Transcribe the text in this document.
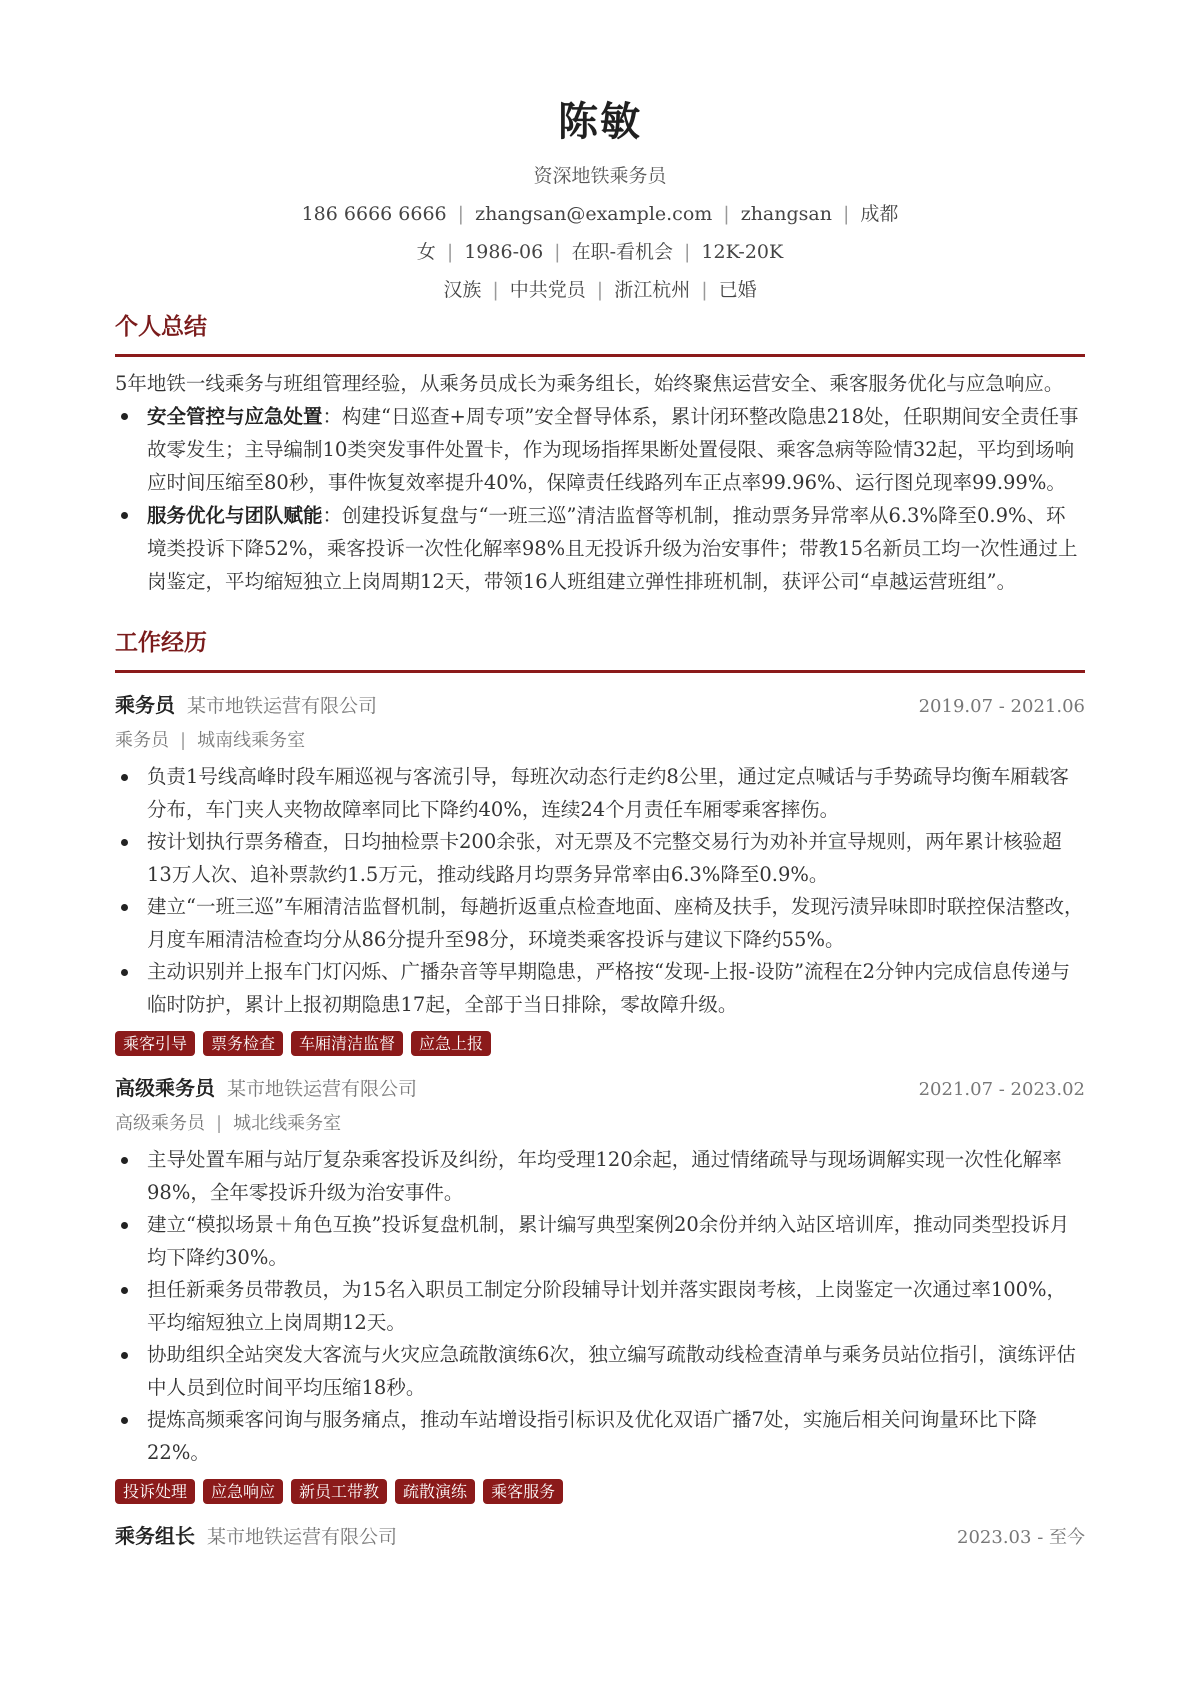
陈敏
资深地铁乘务员
186 6666 6666 | zhangsan@example.com | zhangsan | 成都
女 | 1986-06 | 在职-看机会 | 12K-20K
汉族 | 中共党员 | 浙江杭州 | 已婚
个人总结
5年地铁一线乘务与班组管理经验，从乘务员成长为乘务组长，始终聚焦运营安全、乘客服务优化与应急响应。
安全管控与应急处置：构建“日巡查+周专项”安全督导体系，累计闭环整改隐患218处，任职期间安全责任事故零发生；主导编制10类突发事件处置卡，作为现场指挥果断处置侵限、乘客急病等险情32起，平均到场响应时间压缩至80秒，事件恢复效率提升40%，保障责任线路列车正点率99.96%、运行图兑现率99.99%。
服务优化与团队赋能：创建投诉复盘与“一班三巡”清洁监督等机制，推动票务异常率从6.3%降至0.9%、环境类投诉下降52%，乘客投诉一次性化解率98%且无投诉升级为治安事件；带教15名新员工均一次性通过上岗鉴定，平均缩短独立上岗周期12天，带领16人班组建立弹性排班机制，获评公司“卓越运营班组”。
工作经历
乘务员 某市地铁运营有限公司	2019.07 - 2021.06
乘务员 | 城南线乘务室
负责1号线高峰时段车厢巡视与客流引导，每班次动态行走约8公里，通过定点喊话与手势疏导均衡车厢载客分布，车门夹人夹物故障率同比下降约40%，连续24个月责任车厢零乘客摔伤。
按计划执行票务稽查，日均抽检票卡200余张，对无票及不完整交易行为劝补并宣导规则，两年累计核验超13万人次、追补票款约1.5万元，推动线路月均票务异常率由6.3%降至0.9%。
建立“一班三巡”车厢清洁监督机制，每趟折返重点检查地面、座椅及扶手，发现污渍异味即时联控保洁整改，月度车厢清洁检查均分从86分提升至98分，环境类乘客投诉与建议下降约55%。
主动识别并上报车门灯闪烁、广播杂音等早期隐患，严格按“发现-上报-设防”流程在2分钟内完成信息传递与临时防护，累计上报初期隐患17起，全部于当日排除，零故障升级。
乘客引导	票务检查	车厢清洁监督	应急上报
高级乘务员 某市地铁运营有限公司	2021.07 - 2023.02
高级乘务员 | 城北线乘务室
主导处置车厢与站厅复杂乘客投诉及纠纷，年均受理120余起，通过情绪疏导与现场调解实现一次性化解率98%，全年零投诉升级为治安事件。
建立“模拟场景＋角色互换”投诉复盘机制，累计编写典型案例20余份并纳入站区培训库，推动同类型投诉月均下降约30%。
担任新乘务员带教员，为15名入职员工制定分阶段辅导计划并落实跟岗考核，上岗鉴定一次通过率100%，平均缩短独立上岗周期12天。
协助组织全站突发大客流与火灾应急疏散演练6次，独立编写疏散动线检查清单与乘务员站位指引，演练评估中人员到位时间平均压缩18秒。
提炼高频乘客问询与服务痛点，推动车站增设指引标识及优化双语广播7处，实施后相关问询量环比下降22%。
投诉处理	应急响应	新员工带教	疏散演练	乘客服务
乘务组长 某市地铁运营有限公司	2023.03 - 至今
